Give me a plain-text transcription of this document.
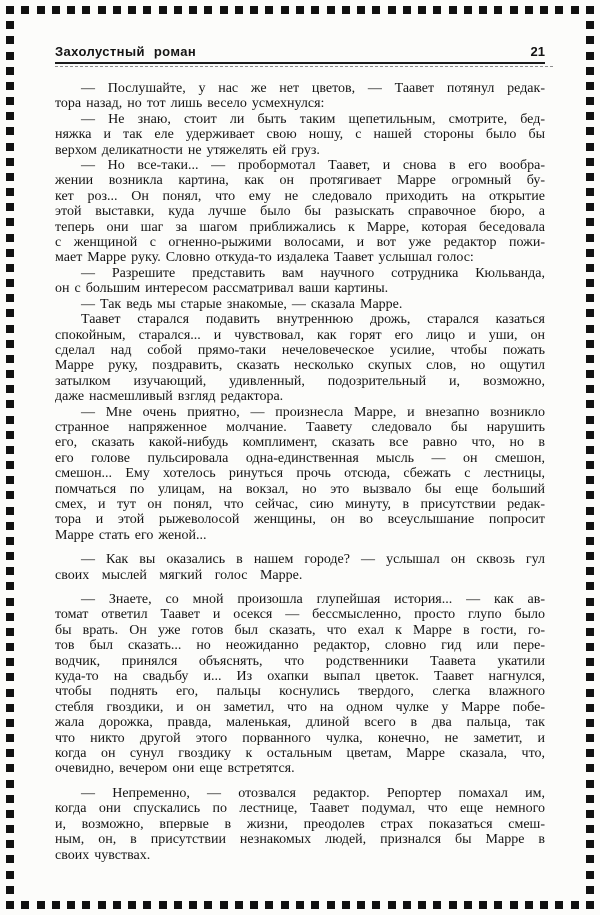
Захолустный роман	21
— Послушайте, у нас же нет цветов, — Таавет потянул редак-
тора назад, но тот лишь весело усмехнулся:
— Не знаю, стоит ли быть таким щепетильным, смотрите, бед-
няжка и так еле удерживает свою ношу, с нашей стороны было бы
верхом деликатности не утяжелять ей груз.
— Но все-таки... — пробормотал Таавет, и снова в его вообра-
жении возникла картина, как он протягивает Марре огромный бу-
кет роз... Он понял, что ему не следовало приходить на открытие
этой выставки, куда лучше было бы разыскать справочное бюро, а
теперь они шаг за шагом приближались к Марре, которая беседовала
с женщиной с огненно-рыжими волосами, и вот уже редактор пожи-
мает Марре руку. Словно откуда-то издалека Таавет услышал голос:
— Разрешите представить вам научного сотрудника Кюльванда,
он с большим интересом рассматривал ваши картины.
— Так ведь мы старые знакомые, — сказала Марре.
Таавет старался подавить внутреннюю дрожь, старался казаться
спокойным, старался... и чувствовал, как горят его лицо и уши, он
сделал над собой прямо-таки нечеловеческое усилие, чтобы пожать
Марре руку, поздравить, сказать несколько скупых слов, но ощутил
затылком изучающий, удивленный, подозрительный и, возможно,
даже насмешливый взгляд редактора.
— Мне очень приятно, — произнесла Марре, и внезапно возникло
странное напряженное молчание. Таавету следовало бы нарушить
его, сказать какой-нибудь комплимент, сказать все равно что, но в
его голове пульсировала одна-единственная мысль — он смешон,
смешон... Ему хотелось ринуться прочь отсюда, сбежать с лестницы,
помчаться по улицам, на вокзал, но это вызвало бы еще больший
смех, и тут он понял, что сейчас, сию минуту, в присутствии редак-
тора и этой рыжеволосой женщины, он во всеуслышание попросит
Марре стать его женой...
— Как вы оказались в нашем городе? — услышал он сквозь гул
своих мыслей мягкий голос Марре.
— Знаете, со мной произошла глупейшая история... — как ав-
томат ответил Таавет и осекся — бессмысленно, просто глупо было
бы врать. Он уже готов был сказать, что ехал к Марре в гости, го-
тов был сказать... но неожиданно редактор, словно гид или пере-
водчик, принялся объяснять, что родственники Таавета укатили
куда-то на свадьбу и... Из охапки выпал цветок. Таавет нагнулся,
чтобы поднять его, пальцы коснулись твердого, слегка влажного
стебля гвоздики, и он заметил, что на одном чулке у Марре побе-
жала дорожка, правда, маленькая, длиной всего в два пальца, так
что никто другой этого порванного чулка, конечно, не заметит, и
когда он сунул гвоздику к остальным цветам, Марре сказала, что,
очевидно, вечером они еще встретятся.
— Непременно, — отозвался редактор. Репортер помахал им,
когда они спускались по лестнице, Таавет подумал, что еще немного
и, возможно, впервые в жизни, преодолев страх показаться смеш-
ным, он, в присутствии незнакомых людей, признался бы Марре в
своих чувствах.
